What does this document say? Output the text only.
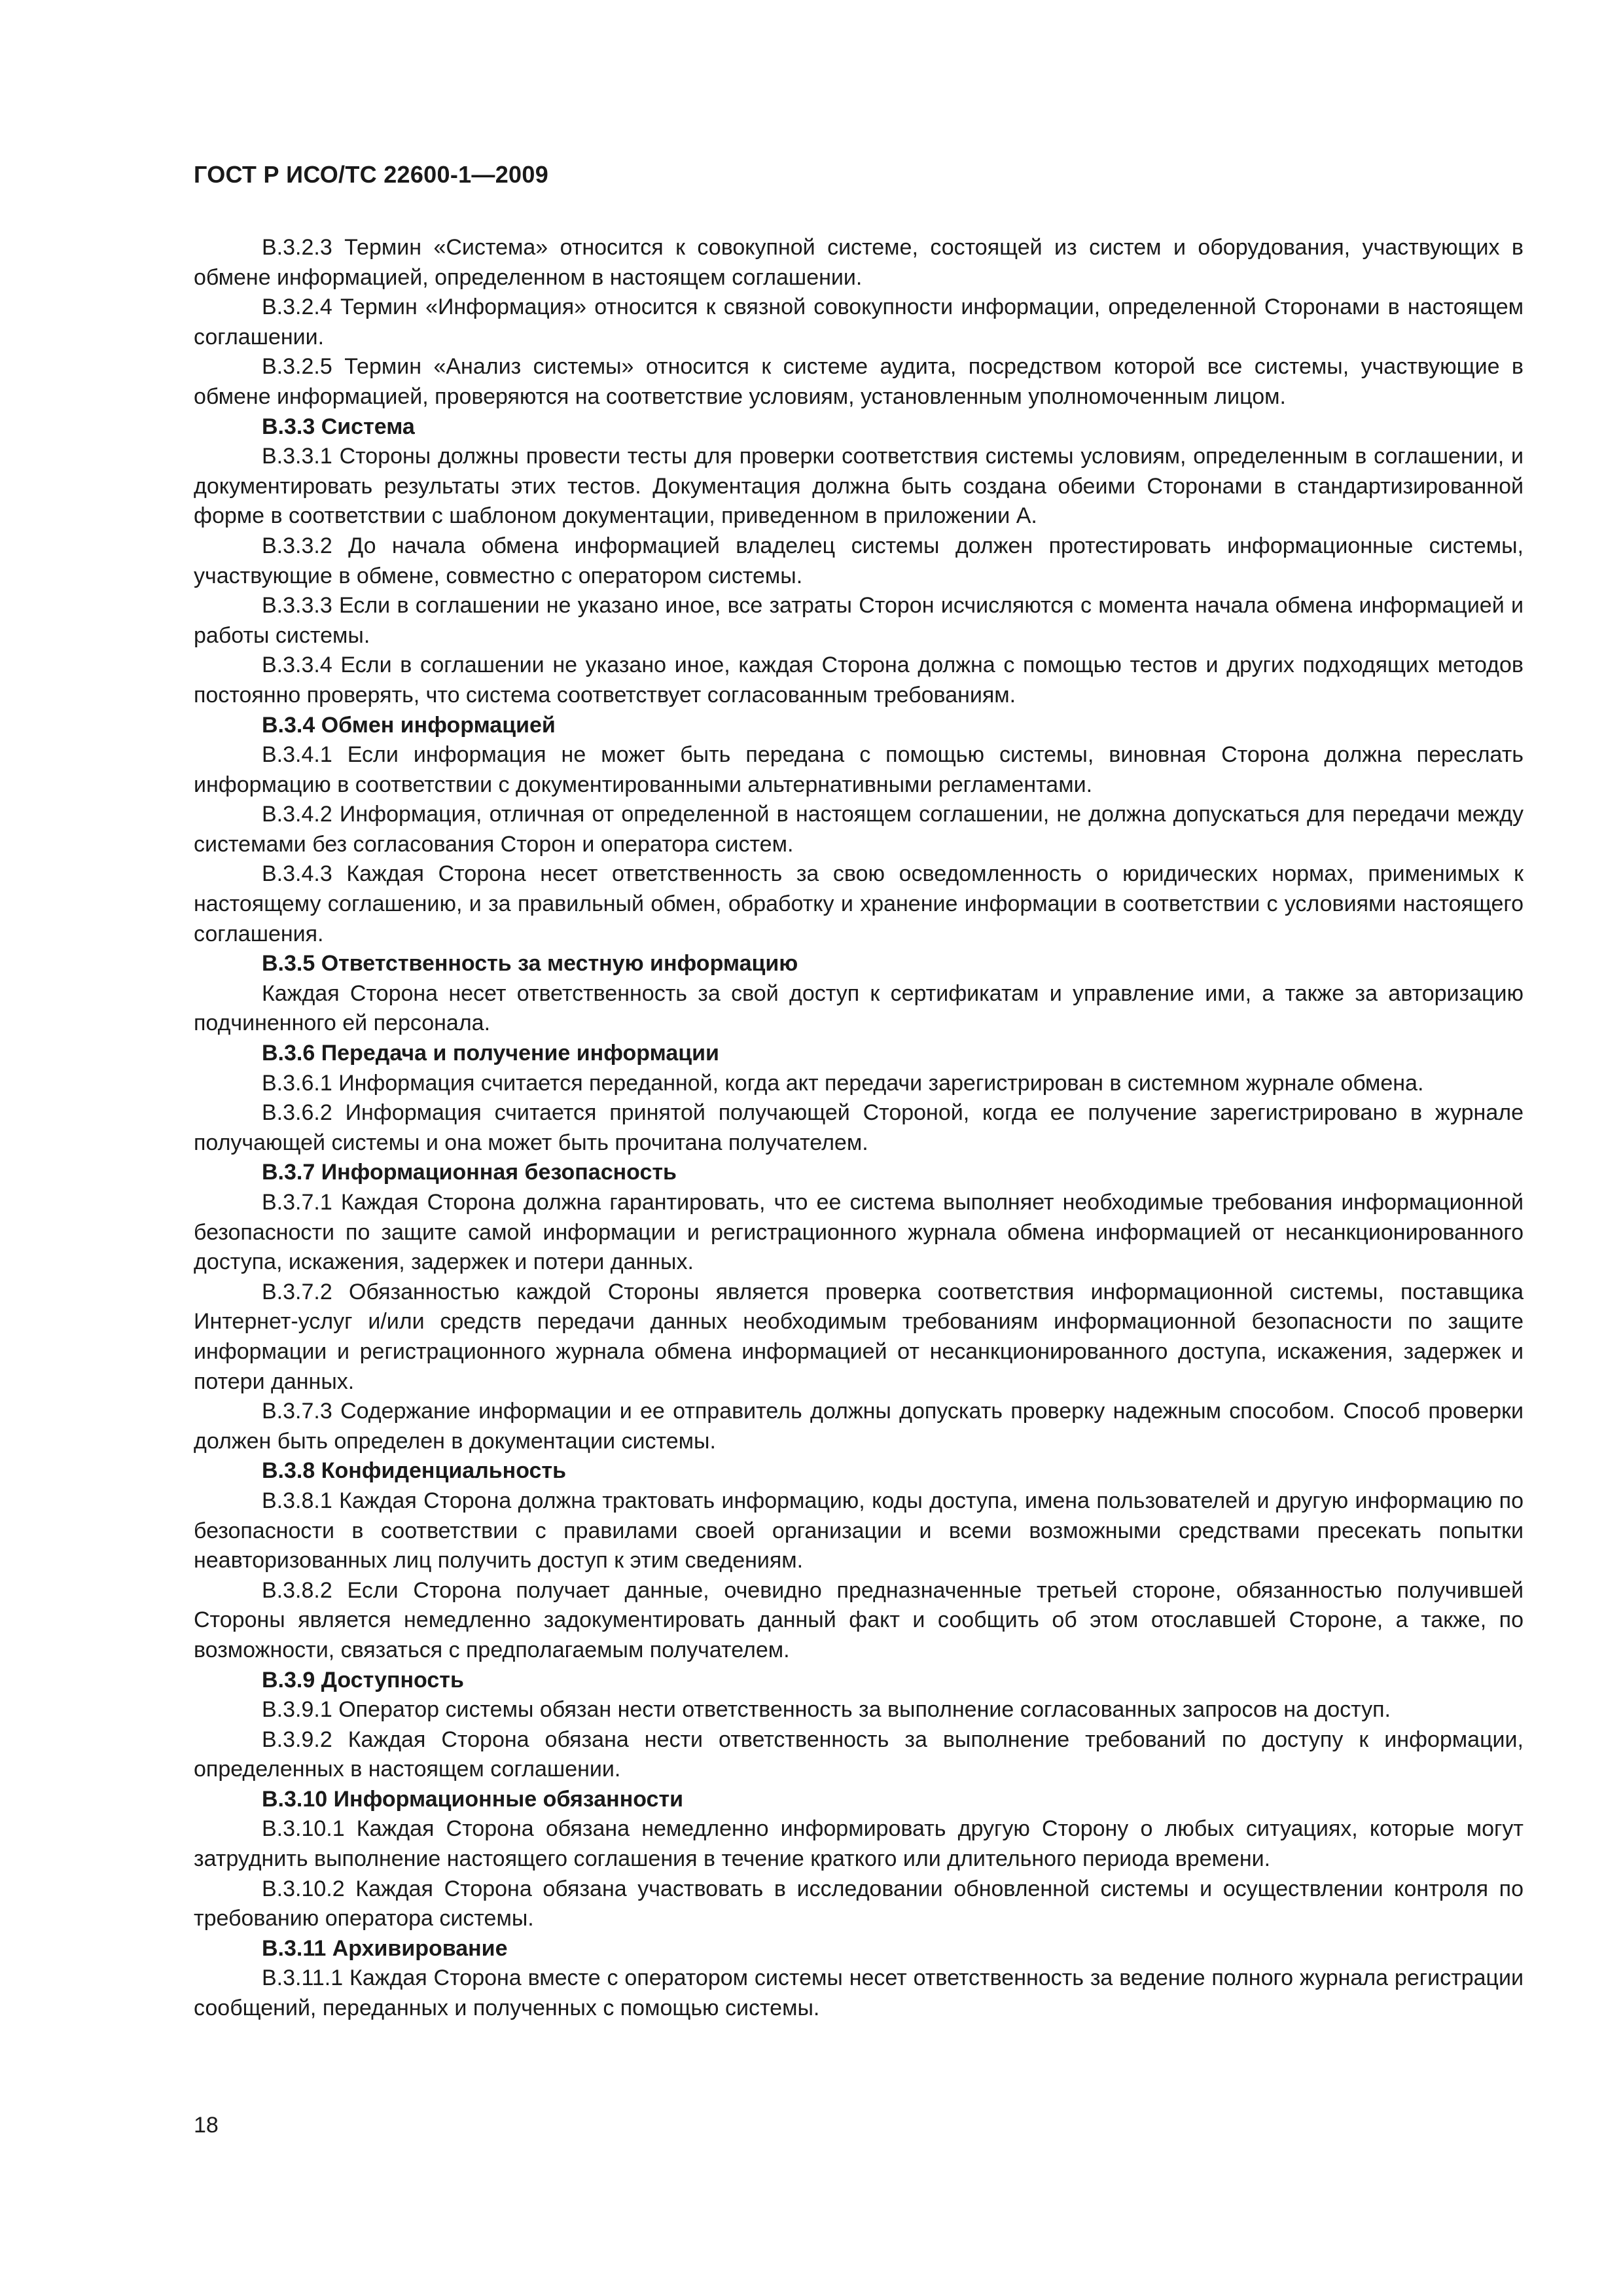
ГОСТ Р ИСО/ТС 22600-1—2009

B.3.2.3 Термин «Система» относится к совокупной системе, состоящей из систем и оборудования, участвующих в обмене информацией, определенном в настоящем соглашении.

B.3.2.4 Термин «Информация» относится к связной совокупности информации, определенной Сторонами в настоящем соглашении.

B.3.2.5 Термин «Анализ системы» относится к системе аудита, посредством которой все системы, участвующие в обмене информацией, проверяются на соответствие условиям, установленным уполномоченным лицом.

B.3.3 Система

B.3.3.1 Стороны должны провести тесты для проверки соответствия системы условиям, определенным в соглашении, и документировать результаты этих тестов. Документация должна быть создана обеими Сторонами в стандартизированной форме в соответствии с шаблоном документации, приведенном в приложении А.

B.3.3.2 До начала обмена информацией владелец системы должен протестировать информационные системы, участвующие в обмене, совместно с оператором системы.

B.3.3.3 Если в соглашении не указано иное, все затраты Сторон исчисляются с момента начала обмена информацией и работы системы.

B.3.3.4 Если в соглашении не указано иное, каждая Сторона должна с помощью тестов и других подходящих методов постоянно проверять, что система соответствует согласованным требованиям.

B.3.4 Обмен информацией

B.3.4.1 Если информация не может быть передана с помощью системы, виновная Сторона должна переслать информацию в соответствии с документированными альтернативными регламентами.

B.3.4.2 Информация, отличная от определенной в настоящем соглашении, не должна допускаться для передачи между системами без согласования Сторон и оператора систем.

B.3.4.3 Каждая Сторона несет ответственность за свою осведомленность о юридических нормах, применимых к настоящему соглашению, и за правильный обмен, обработку и хранение информации в соответствии с условиями настоящего соглашения.

B.3.5 Ответственность за местную информацию

Каждая Сторона несет ответственность за свой доступ к сертификатам и управление ими, а также за авторизацию подчиненного ей персонала.

B.3.6 Передача и получение информации

B.3.6.1 Информация считается переданной, когда акт передачи зарегистрирован в системном журнале обмена.

B.3.6.2 Информация считается принятой получающей Стороной, когда ее получение зарегистрировано в журнале получающей системы и она может быть прочитана получателем.

B.3.7 Информационная безопасность

B.3.7.1 Каждая Сторона должна гарантировать, что ее система выполняет необходимые требования информационной безопасности по защите самой информации и регистрационного журнала обмена информацией от несанкционированного доступа, искажения, задержек и потери данных.

B.3.7.2 Обязанностью каждой Стороны является проверка соответствия информационной системы, поставщика Интернет-услуг и/или средств передачи данных необходимым требованиям информационной безопасности по защите информации и регистрационного журнала обмена информацией от несанкционированного доступа, искажения, задержек и потери данных.

B.3.7.3 Содержание информации и ее отправитель должны допускать проверку надежным способом. Способ проверки должен быть определен в документации системы.

B.3.8 Конфиденциальность

B.3.8.1 Каждая Сторона должна трактовать информацию, коды доступа, имена пользователей и другую информацию по безопасности в соответствии с правилами своей организации и всеми возможными средствами пресекать попытки неавторизованных лиц получить доступ к этим сведениям.

B.3.8.2 Если Сторона получает данные, очевидно предназначенные третьей стороне, обязанностью получившей Стороны является немедленно задокументировать данный факт и сообщить об этом отославшей Стороне, а также, по возможности, связаться с предполагаемым получателем.

B.3.9 Доступность

B.3.9.1 Оператор системы обязан нести ответственность за выполнение согласованных запросов на доступ.

B.3.9.2 Каждая Сторона обязана нести ответственность за выполнение требований по доступу к информации, определенных в настоящем соглашении.

B.3.10 Информационные обязанности

B.3.10.1 Каждая Сторона обязана немедленно информировать другую Сторону о любых ситуациях, которые могут затруднить выполнение настоящего соглашения в течение краткого или длительного периода времени.

B.3.10.2 Каждая Сторона обязана участвовать в исследовании обновленной системы и осуществлении контроля по требованию оператора системы.

B.3.11 Архивирование

B.3.11.1 Каждая Сторона вместе с оператором системы несет ответственность за ведение полного журнала регистрации сообщений, переданных и полученных с помощью системы.

18
